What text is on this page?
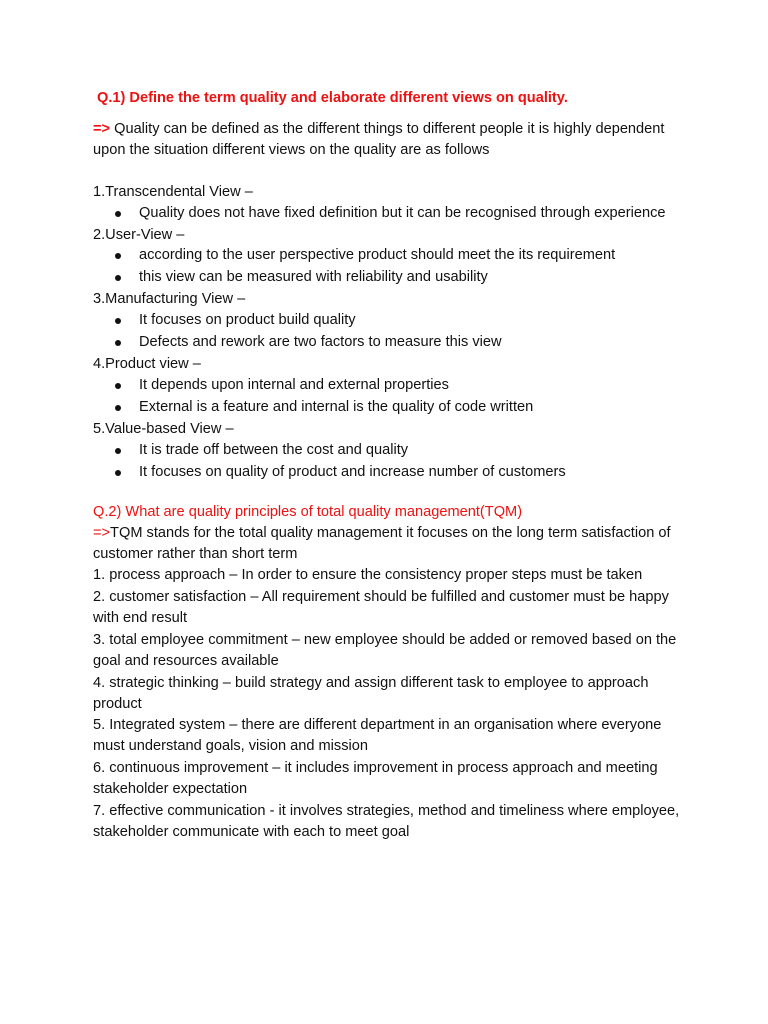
Q.1) Define the term quality and elaborate different views on quality.

=> Quality can be defined as the different things to different people it is highly dependent upon the situation different views on the quality are as follows

1.Transcendental View –

Quality does not have fixed definition but it can be recognised through experience

2.User-View –

according to the user perspective product should meet the its requirement
this view can be measured with reliability and usability

3.Manufacturing View –

It focuses on product build quality
Defects and rework are two factors to measure this view

4.Product view –

It depends upon internal and external properties
External is a feature and internal is the quality of code written

5.Value-based View –

It is trade off between the cost and quality
It focuses on quality of product and increase number of customers

Q.2) What are quality principles of total quality management(TQM)

=>TQM stands for the total quality management it focuses on the long term satisfaction of customer rather than short term

1. process approach – In order to ensure the consistency proper steps must be taken

2. customer satisfaction – All requirement should be fulfilled and customer must be happy with end result

3. total employee commitment – new employee should be added or removed based on the goal and resources available

4. strategic thinking – build strategy and assign different task to employee to approach product

5. Integrated system – there are different department in an organisation where everyone must understand goals, vision and mission

6. continuous improvement – it includes improvement in process approach and meeting stakeholder expectation

7. effective communication - it involves strategies, method and timeliness where employee, stakeholder communicate with each to meet goal
